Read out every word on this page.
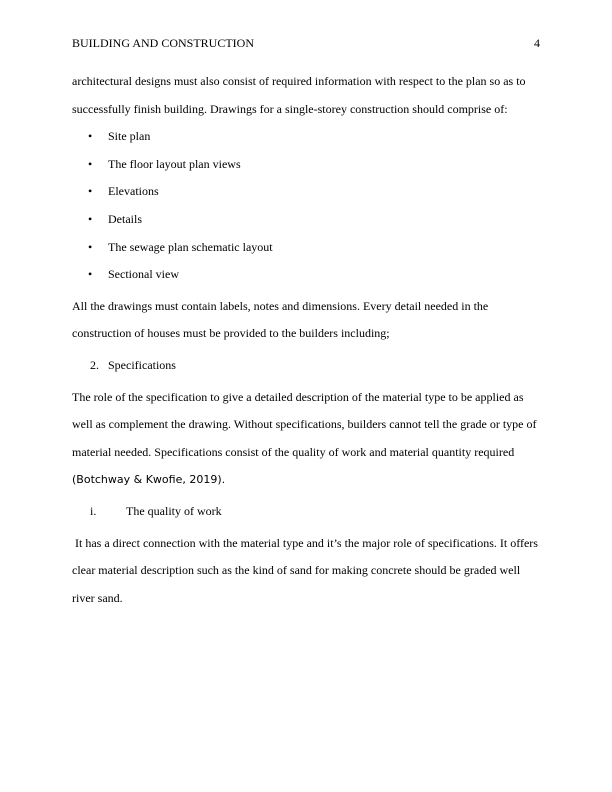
BUILDING AND CONSTRUCTION	4

architectural designs must also consist of required information with respect to the plan so as to

successfully finish building. Drawings for a single-storey construction should comprise of:

• Site plan
• The floor layout plan views
• Elevations
• Details
• The sewage plan schematic layout
• Sectional view

All the drawings must contain labels, notes and dimensions. Every detail needed in the

construction of houses must be provided to the builders including;

2. Specifications

The role of the specification to give a detailed description of the material type to be applied as

well as complement the drawing. Without specifications, builders cannot tell the grade or type of

material needed. Specifications consist of the quality of work and material quantity required

(Botchway & Kwofie, 2019).

i. The quality of work

It has a direct connection with the material type and it’s the major role of specifications. It offers

clear material description such as the kind of sand for making concrete should be graded well

river sand.
